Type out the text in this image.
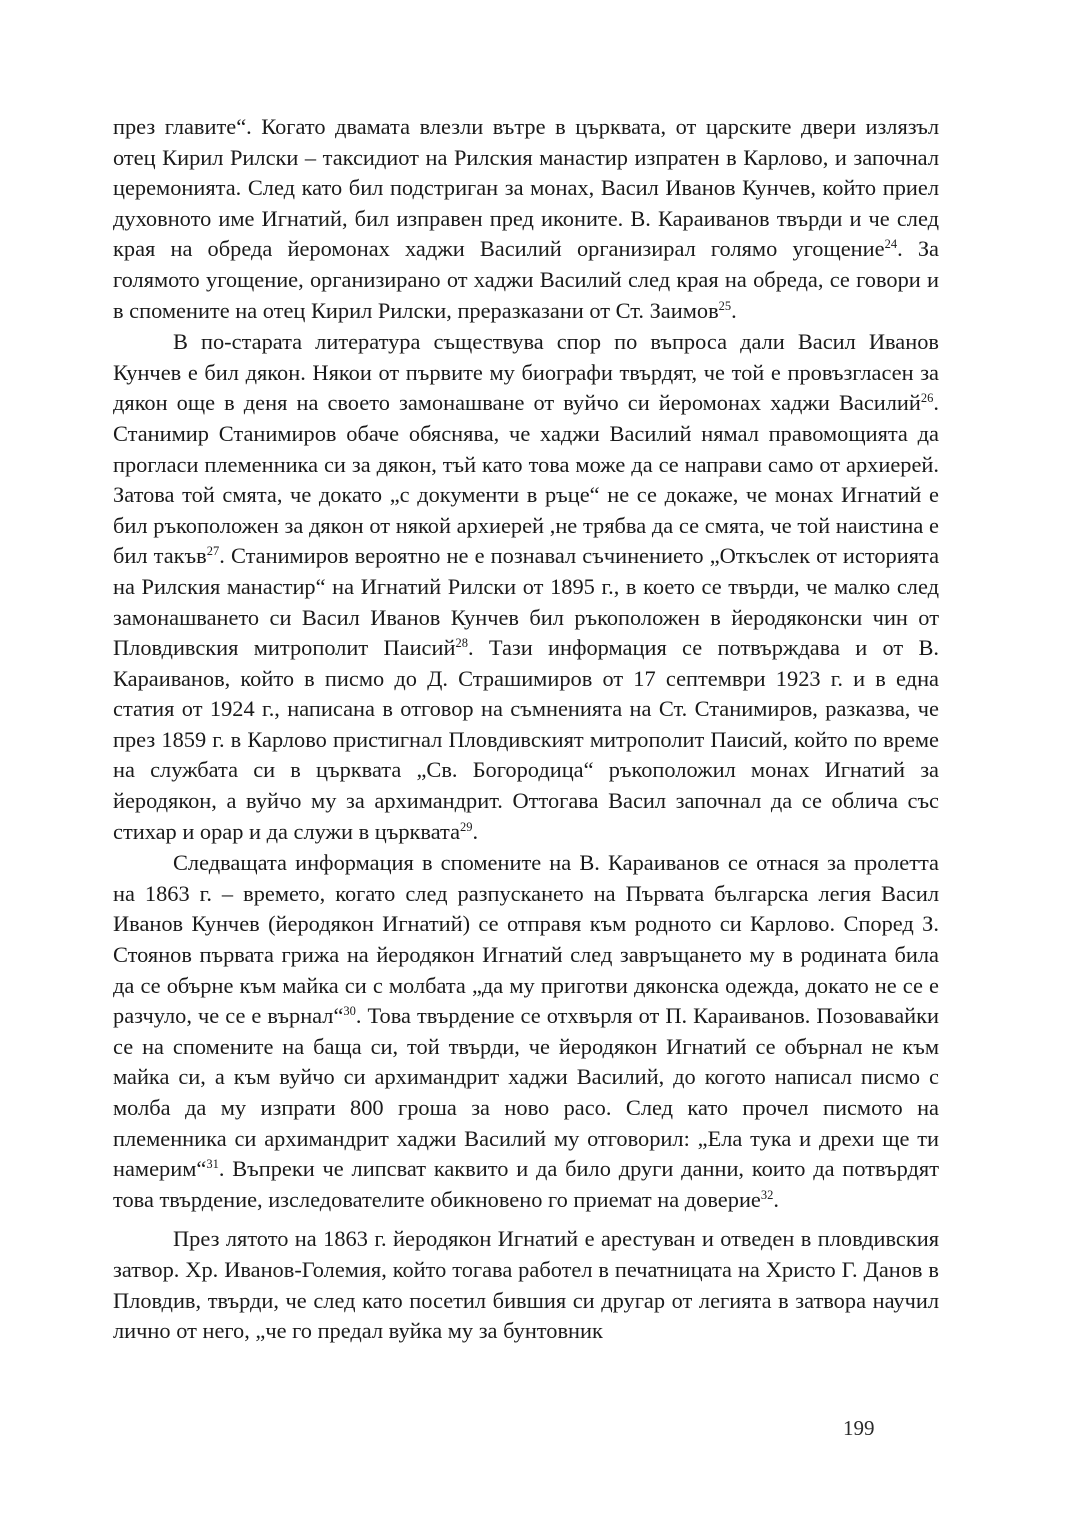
през главите“. Когато двамата влезли вътре в църквата, от царските двери излязъл отец Кирил Рилски – таксидиот на Рилския манастир изпратен в Карлово, и започнал церемонията. След като бил подстриган за монах, Васил Иванов Кунчев, който приел духовното име Игнатий, бил изправен пред иконите. В. Караиванов твърди и че след края на обреда йеромонах хаджи Василий организирал голямо угощение$^{24}$. За голямото угощение, организирано от хаджи Василий след края на обреда, се говори и в спомените на отец Кирил Рилски, преразказани от Ст. Заимов$^{25}$.

В по-старата литература съществува спор по въпроса дали Васил Иванов Кунчев е бил дякон. Някои от първите му биографи твърдят, че той е провъзгласен за дякон още в деня на своето замонашване от вуйчо си йеромонах хаджи Василий$^{26}$. Станимир Станимиров обаче обяснява, че хаджи Василий нямал правомощията да прогласи племенника си за дякон, тъй като това може да се направи само от архиерей. Затова той смята, че докато „с документи в ръце“ не се докаже, че монах Игнатий е бил ръкоположен за дякон от някой архиерей ,не трябва да се смята, че той наистина е бил такъв$^{27}$. Станимиров вероятно не е познавал съчинението „Откъслек от историята на Рилския манастир“ на Игнатий Рилски от 1895 г., в което се твърди, че малко след замонашването си Васил Иванов Кунчев бил ръкоположен в йеродяконски чин от Пловдивския митрополит Паисий$^{28}$. Тази информация се потвърждава и от В. Караиванов, който в писмо до Д. Страшимиров от 17 септември 1923 г. и в една статия от 1924 г., написана в отговор на съмненията на Ст. Станимиров, разказва, че през 1859 г. в Карлово пристигнал Пловдивският митрополит Паисий, който по време на службата си в църквата „Св. Богородица“ ръкоположил монах Игнатий за йеродякон, а вуйчо му за архимандрит. Оттогава Васил започнал да се облича със стихар и орар и да служи в църквата$^{29}$.

Следващата информация в спомените на В. Караиванов се отнася за пролетта на 1863 г. – времето, когато след разпускането на Първата българска легия Васил Иванов Кунчев (йеродякон Игнатий) се отправя към родното си Карлово. Според З. Стоянов първата грижа на йеродякон Игнатий след завръщането му в родината била да се обърне към майка си с молбата „да му приготви дяконска одежда, докато не се е разчуло, че се е върнал“$^{30}$. Това твърдение се отхвърля от П. Караиванов. Позовавайки се на спомените на баща си, той твърди, че йеродякон Игнатий се обърнал не към майка си, а към вуйчо си архимандрит хаджи Василий, до когото написал писмо с молба да му изпрати 800 гроша за ново расо. След като прочел писмото на племенника си архимандрит хаджи Василий му отговорил: „Ела тука и дрехи ще ти намерим“$^{31}$. Въпреки че липсват каквито и да било други данни, които да потвърдят това твърдение, изследователите обикновено го приемат на доверие$^{32}$.

През лятото на 1863 г. йеродякон Игнатий е арестуван и отведен в пловдивския затвор. Хр. Иванов-Големия, който тогава работел в печатницата на Христо Г. Данов в Пловдив, твърди, че след като посетил бившия си другар от легията в затвора научил лично от него, „че го предал вуйка му за бунтовник

199
